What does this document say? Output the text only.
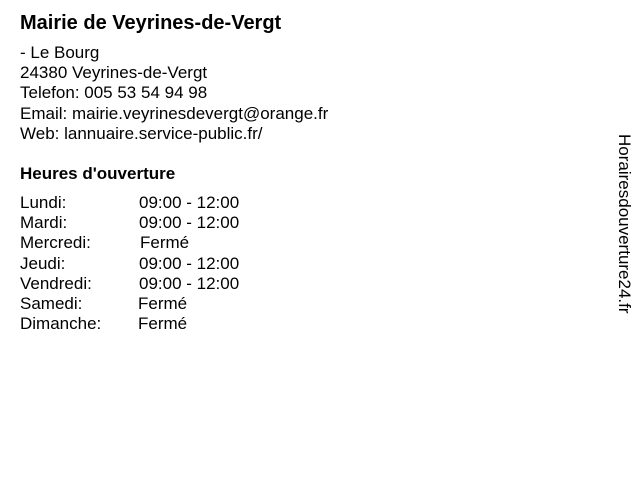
Mairie de Veyrines-de-Vergt
- Le Bourg
24380 Veyrines-de-Vergt
Telefon: 005 53 54 94 98
Email: mairie.veyrinesdevergt@orange.fr
Web: lannuaire.service-public.fr/
Heures d'ouverture
Lundi:	09:00 - 12:00
Mardi:	09:00 - 12:00
Mercredi:	Fermé
Jeudi:	09:00 - 12:00
Vendredi:	09:00 - 12:00
Samedi:	Fermé
Dimanche: Fermé
Horairesdouverture24.fr
